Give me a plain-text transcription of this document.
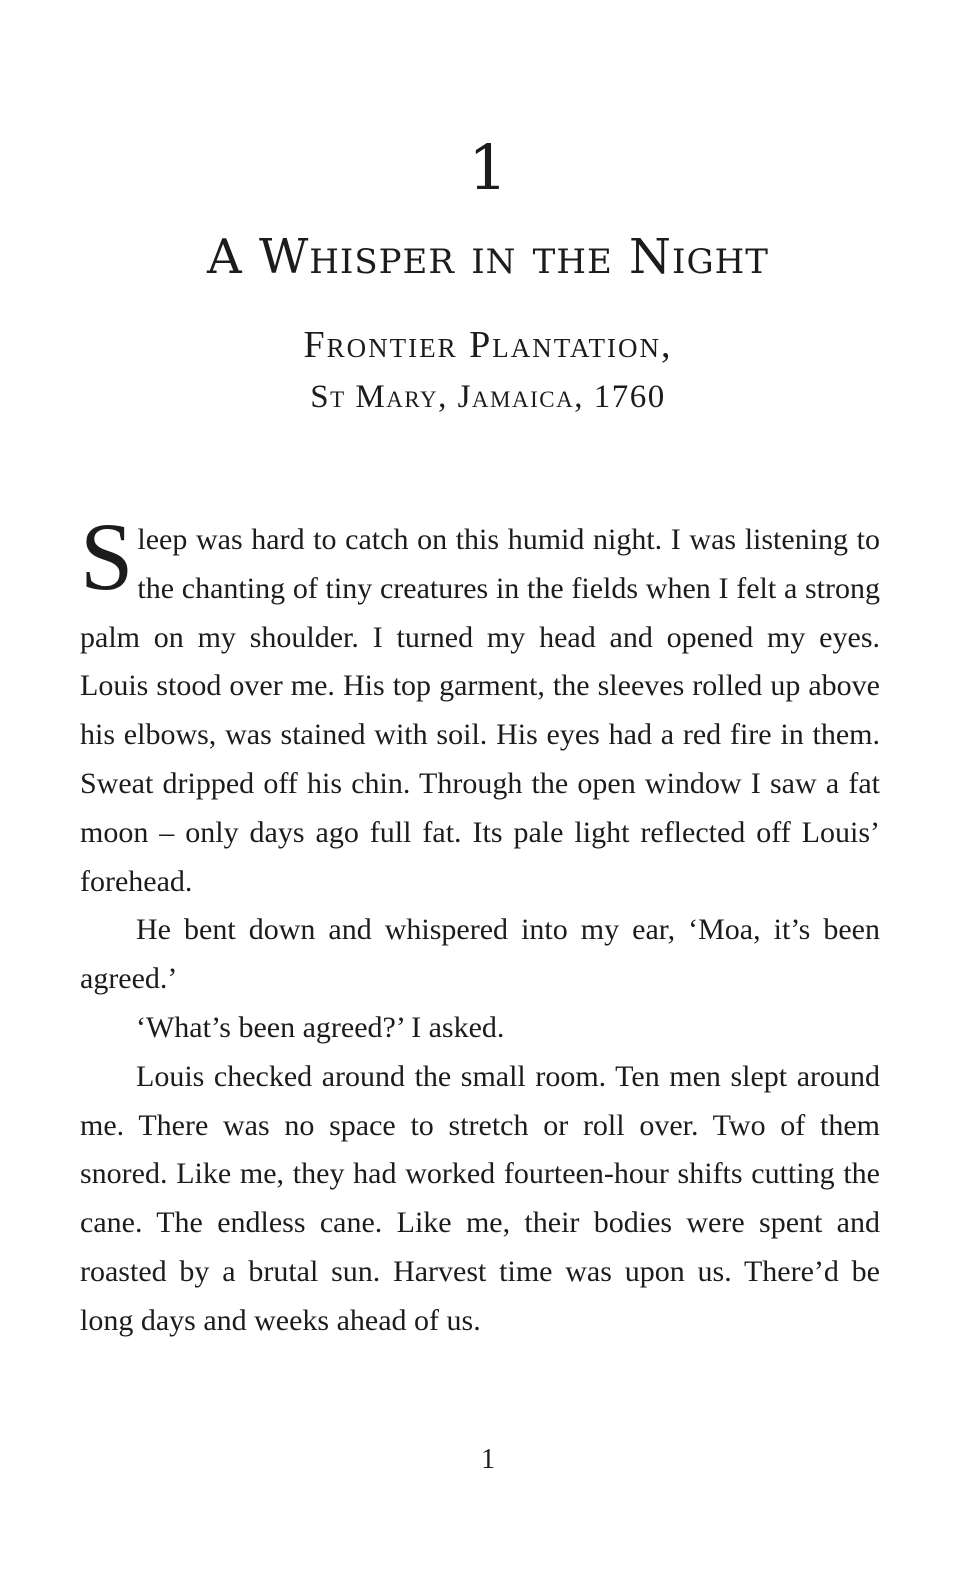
1
A Whisper in the Night

Frontier Plantation,

St Mary, Jamaica, 1760

Sleep was hard to catch on this humid night. I was listening to the chanting of tiny creatures in the fields when I felt a strong palm on my shoulder. I turned my head and opened my eyes. Louis stood over me. His top garment, the sleeves rolled up above his elbows, was stained with soil. His eyes had a red fire in them. Sweat dripped off his chin. Through the open window I saw a fat moon – only days ago full fat. Its pale light reflected off Louis’ forehead.

He bent down and whispered into my ear, ‘Moa, it’s been agreed.’

‘What’s been agreed?’ I asked.

Louis checked around the small room. Ten men slept around me. There was no space to stretch or roll over. Two of them snored. Like me, they had worked fourteen-hour shifts cutting the cane. The endless cane. Like me, their bodies were spent and roasted by a brutal sun. Harvest time was upon us. There’d be long days and weeks ahead of us.

1
